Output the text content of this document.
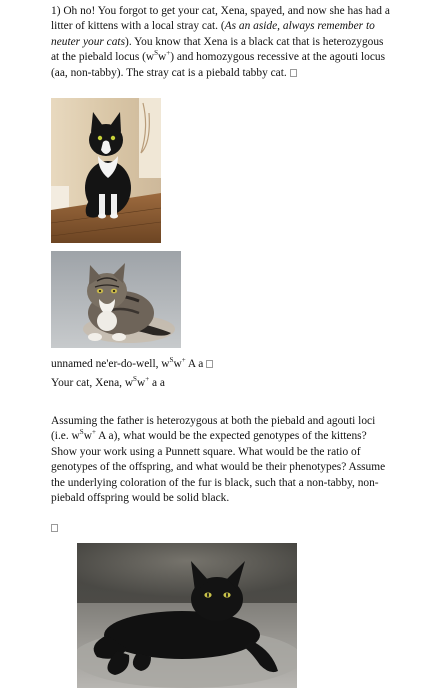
1) Oh no! You forgot to get your cat, Xena, spayed, and now she has had a litter of kittens with a local stray cat. (As an aside, always remember to neuter your cats). You know that Xena is a black cat that is heterozygous at the piebald locus $(w^Sw^+)$ and homozygous recessive at the agouti locus (aa, non-tabby). The stray cat is a piebald tabby cat.

unnamed ne'er-do-well, $w^Sw^+$ A a
Your cat, Xena, $w^Sw^+$ a a

Assuming the father is heterozygous at both the piebald and agouti loci (i.e. $w^Sw^+$ A a), what would be the expected genotypes of the kittens? Show your work using a Punnett square. What would be the ratio of genotypes of the offspring, and what would be their phenotypes? Assume the underlying coloration of the fur is black, such that a non-tabby, non-piebald offspring would be solid black.
